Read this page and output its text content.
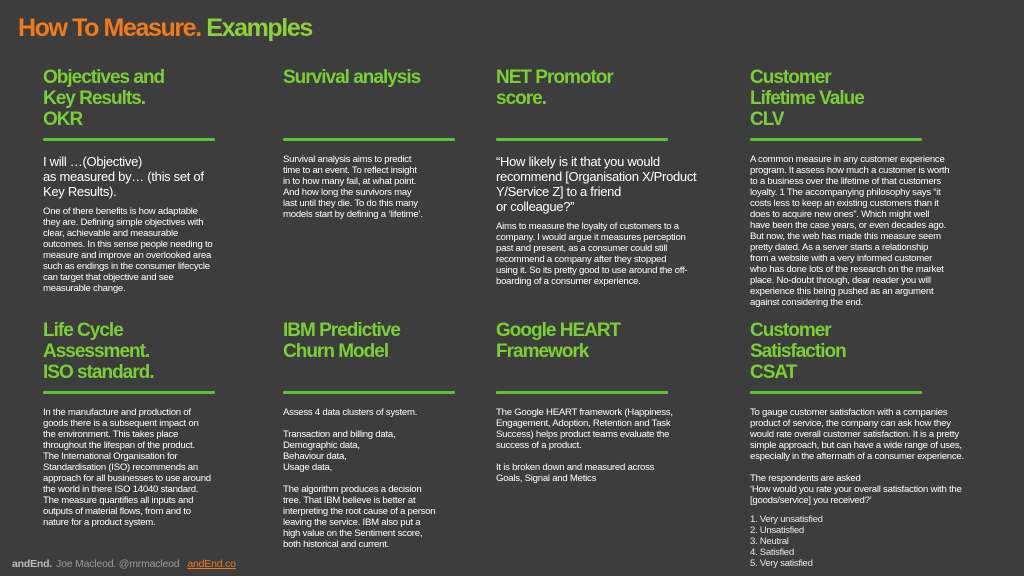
How To Measure. Examples
Objectives and
Key Results.
OKR

I will …(Objective)
as measured by… (this set of
Key Results).

One of there benefits is how adaptable
they are. Defining simple objectives with
clear, achievable and measurable
outcomes. In this sense people needing to
measure and improve an overlooked area
such as endings in the consumer lifecycle
can target that objective and see
measurable change.

Survival analysis

Survival analysis aims to predict
time to an event. To reflect insight
in to how many fail, at what point.
And how long the survivors may
last until they die. To do this many
models start by defining a ‘lifetime’.

NET Promotor
score.

“How likely is it that you would
recommend [Organisation X/Product
Y/Service Z] to a friend
or colleague?”

Aims to measure the loyalty of customers to a
company. I would argue it measures perception
past and present, as a consumer could still
recommend a company after they stopped
using it. So its pretty good to use around the off-
boarding of a consumer experience.

Customer
Lifetime Value
CLV

A common measure in any customer experience
program. It assess how much a customer is worth
to a business over the lifetime of that customers
loyalty. 1 The accompanying philosophy says “it
costs less to keep an existing customers than it
does to acquire new ones”. Which might well
have been the case years, or even decades ago.
But now, the web has made this measure seem
pretty dated. As a server starts a relationship
from a website with a very informed customer
who has done lots of the research on the market
place. No-doubt through, dear reader you will
experience this being pushed as an argument
against considering the end.

Life Cycle
Assessment.
ISO standard.

In the manufacture and production of
goods there is a subsequent impact on
the environment. This takes place
throughout the lifespan of the product.
The International Organisation for
Standardisation (ISO) recommends an
approach for all businesses to use around
the world in there ISO 14040 standard.
The measure quantifies all inputs and
outputs of material flows, from and to
nature for a product system.

IBM Predictive
Churn Model

Assess 4 data clusters of system.

Transaction and billing data,
Demographic data,
Behaviour data,
Usage data,

The algorithm produces a decision
tree. That IBM believe is better at
interpreting the root cause of a person
leaving the service. IBM also put a
high value on the Sentiment score,
both historical and current.

Google HEART
Framework

The Google HEART framework (Happiness,
Engagement, Adoption, Retention and Task
Success) helps product teams evaluate the
success of a product.

It is broken down and measured across
Goals, Signal and Metics

Customer
Satisfaction
CSAT

To gauge customer satisfaction with a companies
product of service, the company can ask how they
would rate overall customer satisfaction. It is a pretty
simple approach, but can have a wide range of uses,
especially in the aftermath of a consumer experience.

The respondents are asked
‘How would you rate your overall satisfaction with the
[goods/service] you received?’

1. Very unsatisfied
2. Unsatisfied
3. Neutral
4. Satisfied
5. Very satisfied
andEnd. Joe Macleod. @mrmacleod andEnd.co
